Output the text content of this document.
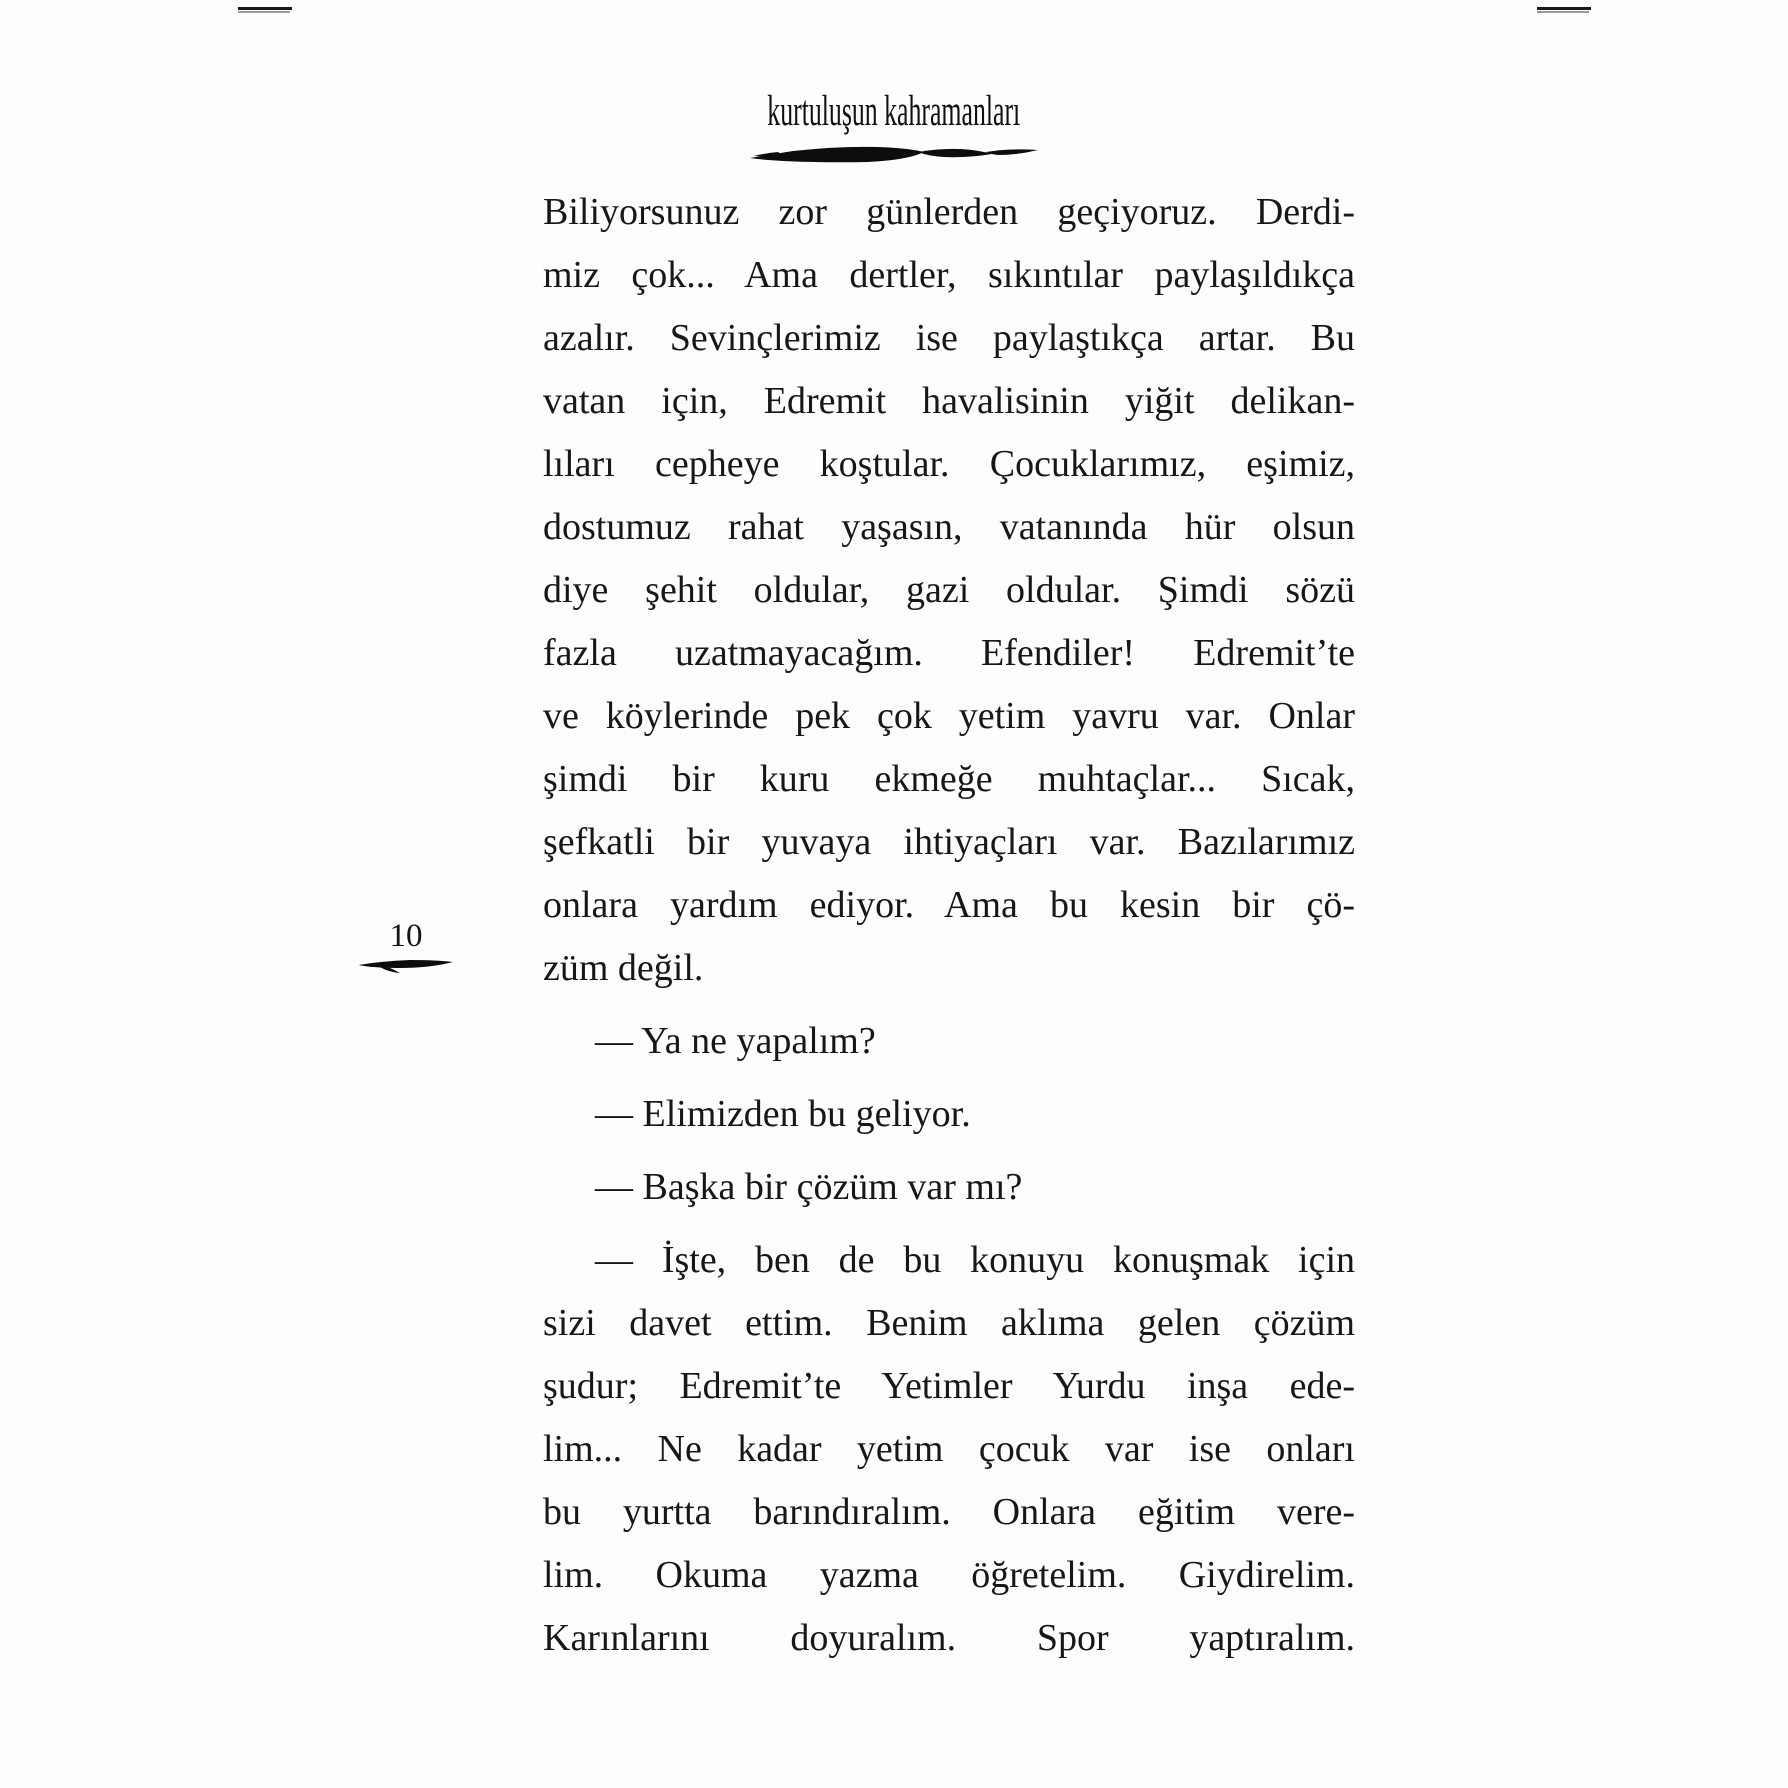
kurtuluşun kahramanları
10
Biliyorsunuz zor günlerden geçiyoruz. Derdi-
miz çok... Ama dertler, sıkıntılar paylaşıldıkça
azalır. Sevinçlerimiz ise paylaştıkça artar. Bu
vatan için, Edremit havalisinin yiğit delikan-
lıları cepheye koştular. Çocuklarımız, eşimiz,
dostumuz rahat yaşasın, vatanında hür olsun
diye şehit oldular, gazi oldular. Şimdi sözü
fazla uzatmayacağım. Efendiler! Edremit’te
ve köylerinde pek çok yetim yavru var. Onlar
şimdi bir kuru ekmeğe muhtaçlar... Sıcak,
şefkatli bir yuvaya ihtiyaçları var. Bazılarımız
onlara yardım ediyor. Ama bu kesin bir çö-
züm değil.
— Ya ne yapalım?
— Elimizden bu geliyor.
— Başka bir çözüm var mı?
— İşte, ben de bu konuyu konuşmak için
sizi davet ettim. Benim aklıma gelen çözüm
şudur; Edremit’te Yetimler Yurdu inşa ede-
lim... Ne kadar yetim çocuk var ise onları
bu yurtta barındıralım. Onlara eğitim vere-
lim. Okuma yazma öğretelim. Giydirelim.
Karınlarını doyuralım. Spor yaptıralım.
